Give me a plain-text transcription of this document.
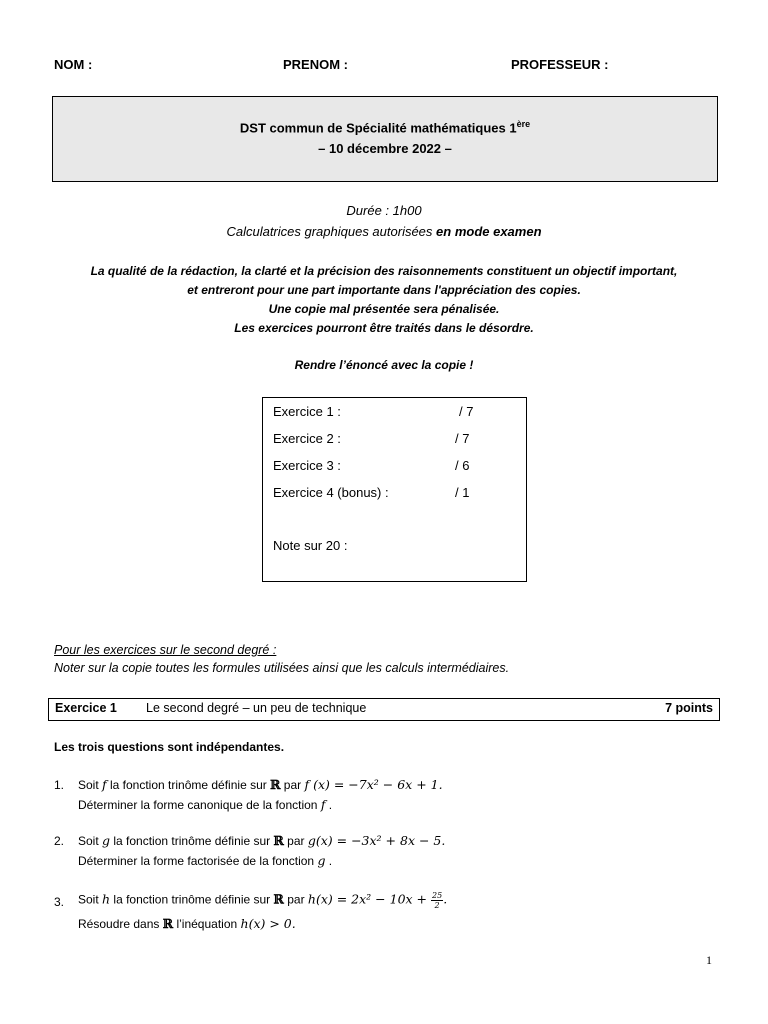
NOM :	PRENOM :	PROFESSEUR :
DST commun de Spécialité mathématiques 1ère
– 10 décembre 2022 –
Durée : 1h00
Calculatrices graphiques autorisées en mode examen
La qualité de la rédaction, la clarté et la précision des raisonnements constituent un objectif important,
et entreront pour une part importante dans l'appréciation des copies.
Une copie mal présentée sera pénalisée.
Les exercices pourront être traités dans le désordre.
Rendre l’énoncé avec la copie !
Exercice 1 :	/ 7
Exercice 2 :	/ 7
Exercice 3 :	/ 6
Exercice 4 (bonus) :	/ 1
Note sur 20 :
Pour les exercices sur le second degré :
Noter sur la copie toutes les formules utilisées ainsi que les calculs intermédiaires.
Exercice 1 Le second degré – un peu de technique	7 points
Les trois questions sont indépendantes.
1. Soit f la fonction trinôme définie sur ℝ par f (x) = −7x² − 6x + 1.
Déterminer la forme canonique de la fonction f .
2. Soit g la fonction trinôme définie sur ℝ par g(x) = −3x² + 8x − 5.
Déterminer la forme factorisée de la fonction g .
3. Soit h la fonction trinôme définie sur ℝ par $h(x) = 2x^2 - 10x + \frac{25}{2}$ .
Résoudre dans ℝ l’inéquation h(x) > 0.
1
